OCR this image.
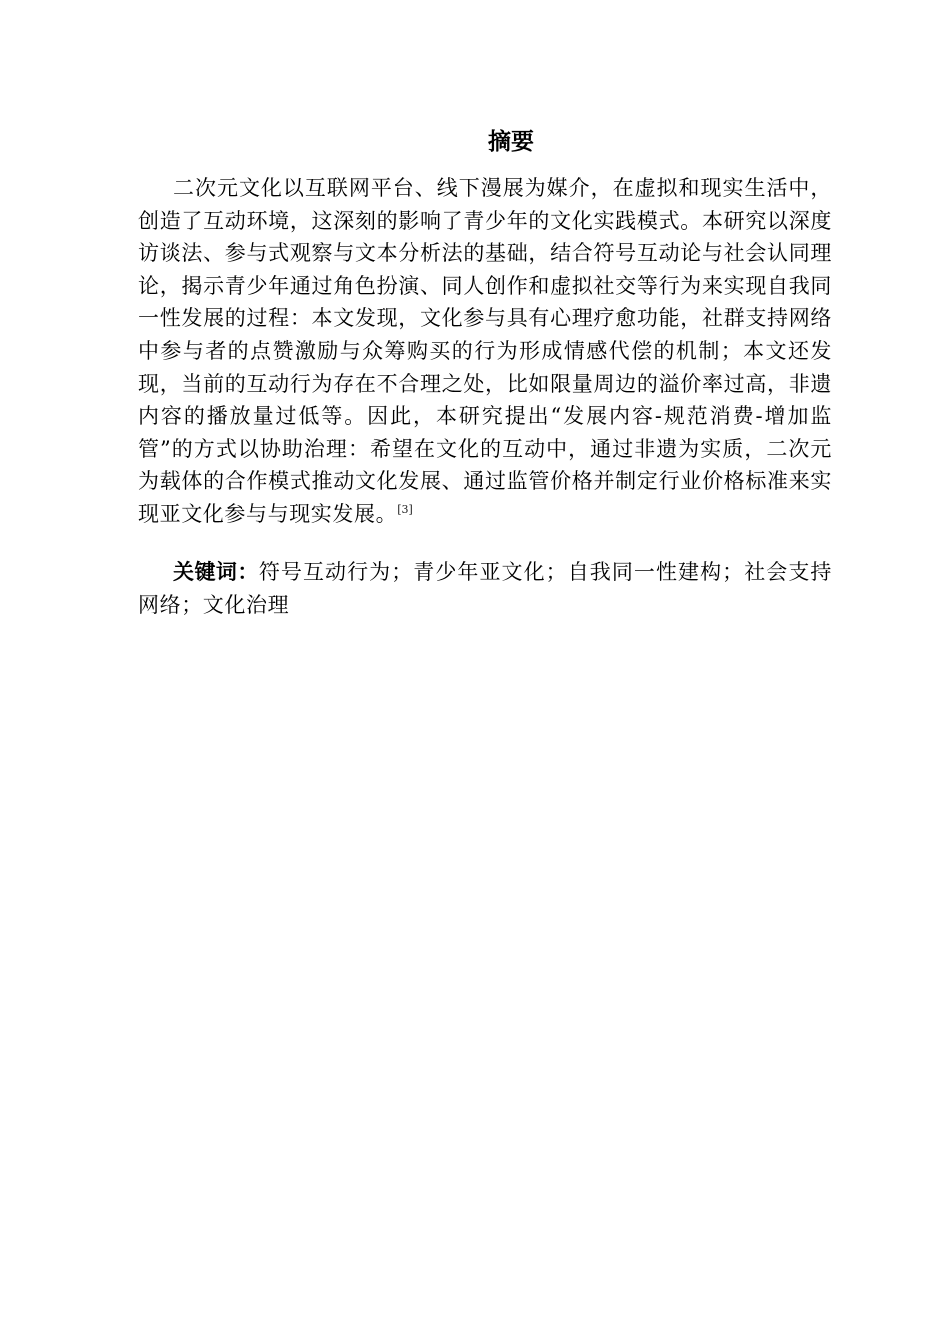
摘要

二次元文化以互联网平台、线下漫展为媒介，在虚拟和现实生活中，创造了互动环境，这深刻的影响了青少年的文化实践模式。本研究以深度访谈法、参与式观察与文本分析法的基础，结合符号互动论与社会认同理论，揭示青少年通过角色扮演、同人创作和虚拟社交等行为来实现自我同一性发展的过程：本文发现，文化参与具有心理疗愈功能，社群支持网络中参与者的点赞激励与众筹购买的行为形成情感代偿的机制；本文还发现，当前的互动行为存在不合理之处，比如限量周边的溢价率过高，非遗内容的播放量过低等。因此，本研究提出“发展内容-规范消费-增加监管”的方式以协助治理：希望在文化的互动中，通过非遗为实质，二次元为载体的合作模式推动文化发展、通过监管价格并制定行业价格标准来实现亚文化参与与现实发展。[3]

关键词：符号互动行为；青少年亚文化；自我同一性建构；社会支持网络；文化治理
